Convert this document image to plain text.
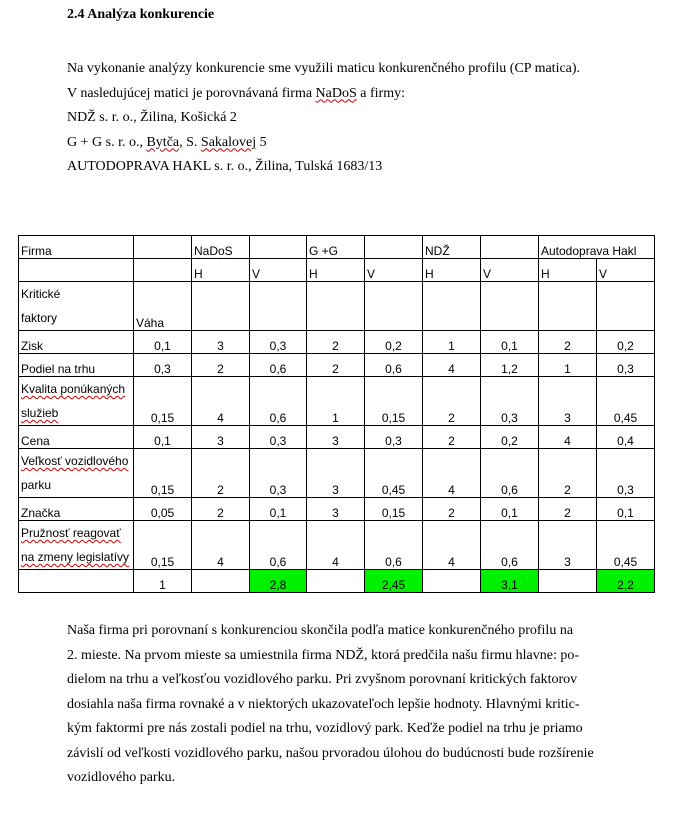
2.4 Analýza konkurencie

Na vykonanie analýzy konkurencie sme využili maticu konkurenčného profilu (CP matica).

V nasledujúcej matici je porovnávaná firma NaDoS a firmy:

NDŽ s. r. o., Žilina, Košická 2

G + G s. r. o., Bytča, S. Sakalovej 5

AUTODOPRAVA HAKL s. r. o., Žilina, Tulská 1683/13

Firma		NaDoS		G +G		NDŽ		Autodoprava Hakl	
		H	V	H	V	H	V	H	V
Kritické
faktory	Váha								
Zisk	0,1	3	0,3	2	0,2	1	0,1	2	0,2
Podiel na trhu	0,3	2	0,6	2	0,6	4	1,2	1	0,3
Kvalita ponúkaných
služieb	0,15	4	0,6	1	0,15	2	0,3	3	0,45
Cena	0,1	3	0,3	3	0,3	2	0,2	4	0,4
Veľkosť vozidlového
parku	0,15	2	0,3	3	0,45	4	0,6	2	0,3
Značka	0,05	2	0,1	3	0,15	2	0,1	2	0,1
Pružnosť reagovať
na zmeny legislatívy	0,15	4	0,6	4	0,6	4	0,6	3	0,45
	1		2,8		2,45		3,1		2,2

Naša firma pri porovnaní s konkurenciou skončila podľa matice konkurenčného profilu na

2. mieste. Na prvom mieste sa umiestnila firma NDŽ, ktorá predčila našu firmu hlavne: po-

dielom na trhu a veľkosťou vozidlového parku. Pri zvyšnom porovnaní kritických faktorov

dosiahla naša firma rovnaké a v niektorých ukazovateľoch lepšie hodnoty. Hlavnými kritic-

kým faktormi pre nás zostali podiel na trhu, vozidlový park. Keďže podiel na trhu je priamo

závislí od veľkosti vozidlového parku, našou prvoradou úlohou do budúcnosti bude rozšírenie

vozidlového parku.
